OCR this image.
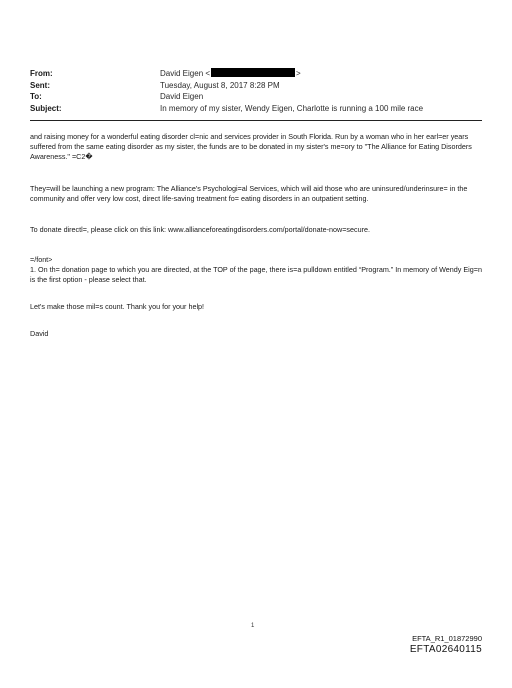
From:	David Eigen <	>
Sent:	Tuesday, August 8, 2017 8:28 PM
To:	David Eigen
Subject:	In memory of my sister, Wendy Eigen, Charlotte is running a 100 mile race

and raising money for a wonderful eating disorder cl=nic and services provider in South Florida. Run by a woman who in her earl=er years suffered from the same eating disorder as my sister, the funds are to be donated in my sister's me=ory to "The Alliance for Eating Disorders Awareness." =C2�

They=will be launching a new program: The Alliance's Psychologi=al Services, which will aid those who are uninsured/underinsure= in the community and offer very low cost, direct life-saving treatment fo= eating disorders in an outpatient setting.

To donate directl=, please click on this link: www.allianceforeatingdisorders.com/portal/donate-now=secure.

=/font>

1. On th= donation page to which you are directed, at the TOP of the page, there is=a pulldown entitled “Program.” In memory of Wendy Eig=n is the first option - please select that.

Let's make those mil=s count. Thank you for your help!

David

1
EFTA_R1_01872990
EFTA02640115
